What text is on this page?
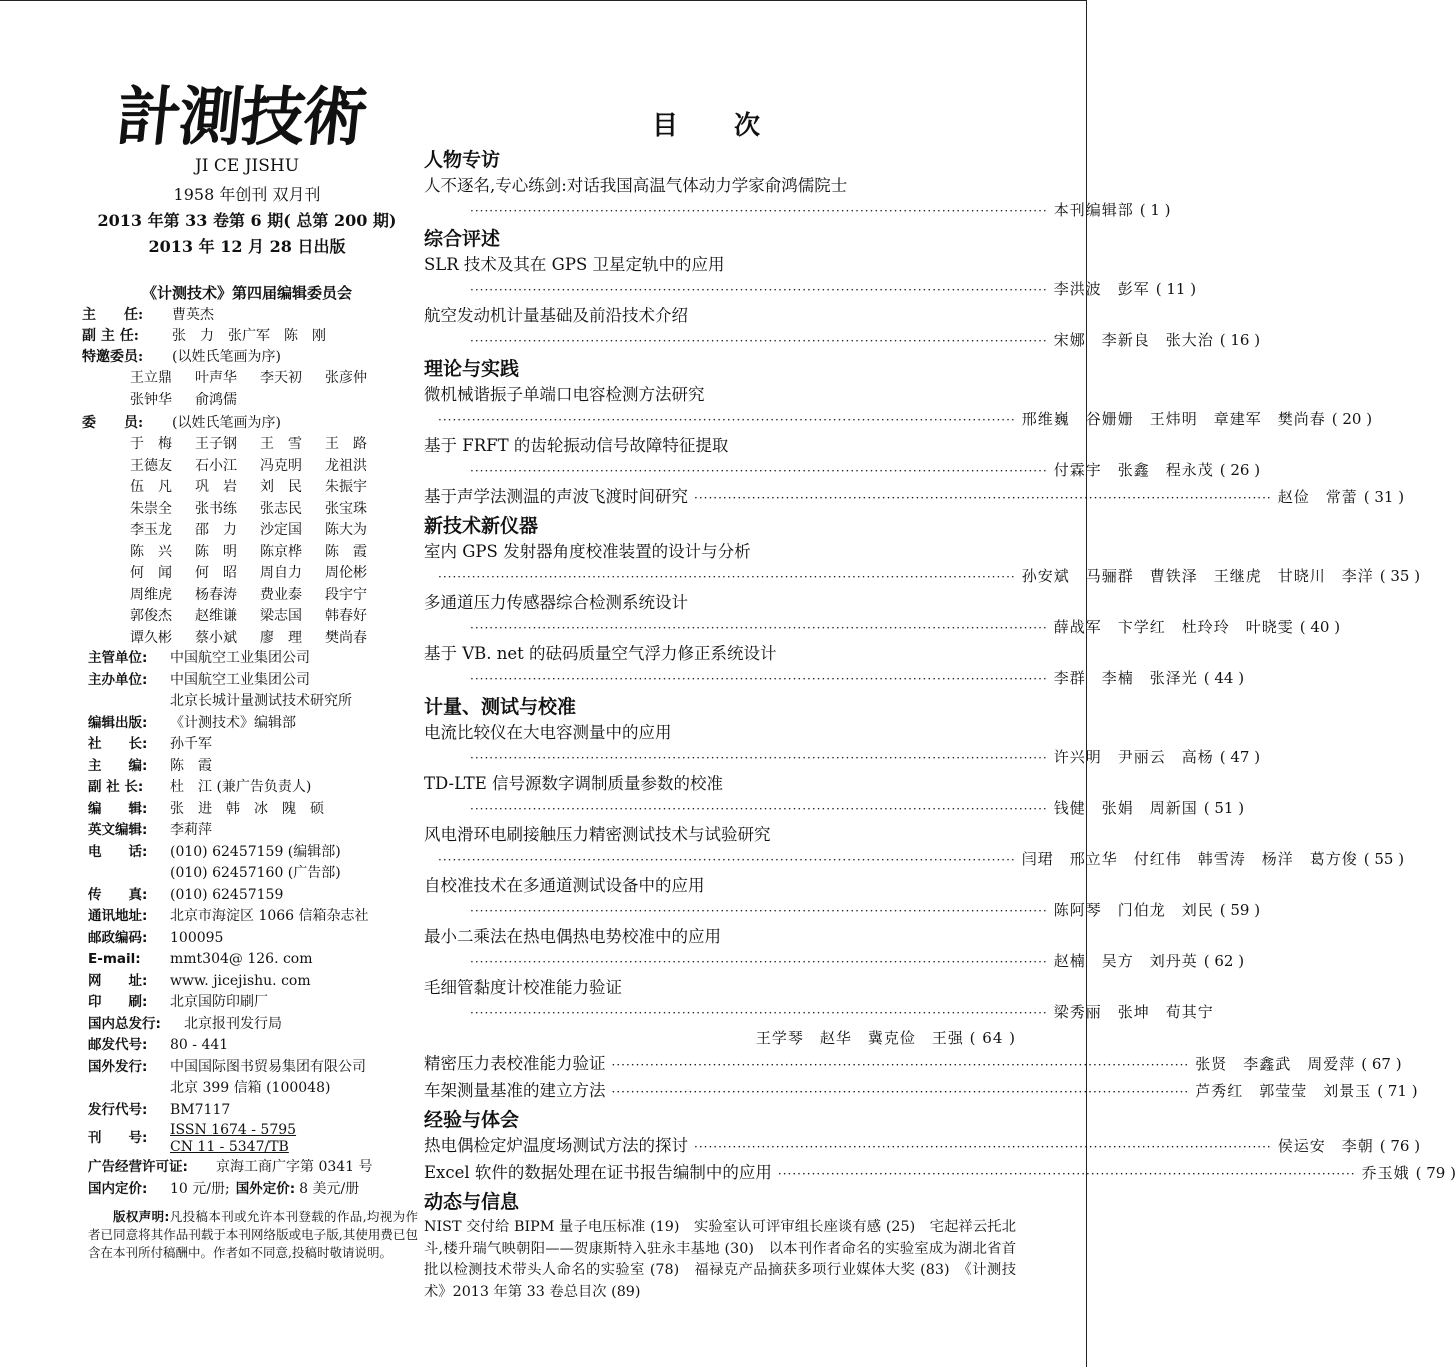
計測技術
JI CE JISHU
1958 年创刊 双月刊
2013 年第 33 卷第 6 期( 总第 200 期)
2013 年 12 月 28 日出版
《计测技术》第四届编辑委员会
主　　任:	曹英杰
副 主 任:	张　力　张广军　陈　刚
特邀委员:	(以姓氏笔画为序)
王立鼎	叶声华	李天初	张彦仲
张钟华	俞鸿儒
委　　员:	(以姓氏笔画为序)
于　梅	王子钢	王　雪	王　路
王德友	石小江	冯克明	龙祖洪
伍　凡	巩　岩	刘　民	朱振宇
朱崇全	张书练	张志民	张宝珠
李玉龙	邵　力	沙定国	陈大为
陈　兴	陈　明	陈京桦	陈　霞
何　闻	何　昭	周自力	周伦彬
周维虎	杨春涛	费业泰	段宇宁
郭俊杰	赵维谦	梁志国	韩春好
谭久彬	蔡小斌	廖　理	樊尚春
主管单位:	中国航空工业集团公司
主办单位:	中国航空工业集团公司
北京长城计量测试技术研究所
编辑出版:	《计测技术》编辑部
社　　长:	孙千军
主　　编:	陈　霞
副 社 长:	杜　江 (兼广告负责人)
编　　辑:	张　进　韩　冰　隗　硕
英文编辑:	李莉萍
电　　话:	(010) 62457159 (编辑部)
(010) 62457160 (广告部)
传　　真:	(010) 62457159
通讯地址:	北京市海淀区 1066 信箱杂志社
邮政编码:	100095
E-mail:	mmt304@ 126. com
网　　址:	www. jicejishu. com
印　　刷:	北京国防印刷厂
国内总发行:	北京报刊发行局
邮发代号:	80 - 441
国外发行:	中国国际图书贸易集团有限公司
北京 399 信箱 (100048)
发行代号:	BM7117
刊　　号:
ISSN 1674 - 5795
CN 11 - 5347/TB
广告经营许可证:	京海工商广字第 0341 号
国内定价:	10 元/册; 国外定价: 8 美元/册
版权声明:凡投稿本刊或允许本刊登载的作品,均视为作者已同意将其作品刊载于本刊网络版或电子版,其使用费已包含在本刊所付稿酬中。作者如不同意,投稿时敬请说明。
目次
人物专访
人不逐名,专心练剑:对话我国高温气体动力学家俞鸿儒院士
························································································································ 本刊编辑部 ( 1 )
综合评述
SLR 技术及其在 GPS 卫星定轨中的应用
························································································································ 李洪波　彭军 ( 11 )
航空发动机计量基础及前沿技术介绍
························································································································ 宋娜　李新良　张大治 ( 16 )
理论与实践
微机械谐振子单端口电容检测方法研究
························································································································ 邢维巍　谷姗姗　王炜明　章建军　樊尚春 ( 20 )
基于 FRFT 的齿轮振动信号故障特征提取
························································································································ 付霖宇　张鑫　程永茂 ( 26 )
基于声学法测温的声波飞渡时间研究 ························································································································ 赵俭　常蕾 ( 31 )
新技术新仪器
室内 GPS 发射器角度校准装置的设计与分析
························································································································ 孙安斌　马骊群　曹铁泽　王继虎　甘晓川　李洋 ( 35 )
多通道压力传感器综合检测系统设计
························································································································ 薛战军　卞学红　杜玲玲　叶晓雯 ( 40 )
基于 VB. net 的砝码质量空气浮力修正系统设计
························································································································ 李群　李楠　张泽光 ( 44 )
计量、测试与校准
电流比较仪在大电容测量中的应用
························································································································ 许兴明　尹丽云　高杨 ( 47 )
TD-LTE 信号源数字调制质量参数的校准
························································································································ 钱健　张娟　周新国 ( 51 )
风电滑环电刷接触压力精密测试技术与试验研究
························································································································ 闫珺　邢立华　付红伟　韩雪涛　杨洋　葛方俊 ( 55 )
自校准技术在多通道测试设备中的应用
························································································································ 陈阿琴　门伯龙　刘民 ( 59 )
最小二乘法在热电偶热电势校准中的应用
························································································································ 赵楠　吴方　刘丹英 ( 62 )
毛细管黏度计校准能力验证
························································································································ 梁秀丽　张坤　荀其宁
王学琴　赵华　冀克俭　王强 ( 64 )
精密压力表校准能力验证 ························································································································ 张贤　李鑫武　周爱萍 ( 67 )
车架测量基准的建立方法 ························································································································ 芦秀红　郭莹莹　刘景玉 ( 71 )
经验与体会
热电偶检定炉温度场测试方法的探讨 ························································································································ 侯运安　李朝 ( 76 )
Excel 软件的数据处理在证书报告编制中的应用 ························································································································ 乔玉娥 ( 79 )
动态与信息
NIST 交付给 BIPM 量子电压标准 (19)　实验室认可评审组长座谈有感 (25)　宅起祥云托北斗,楼升瑞气映朝阳——贺康斯特入驻永丰基地 (30)　以本刊作者命名的实验室成为湖北省首批以检测技术带头人命名的实验室 (78)　福禄克产品摘获多项行业媒体大奖 (83)　《计测技术》2013 年第 33 卷总目次 (89)
